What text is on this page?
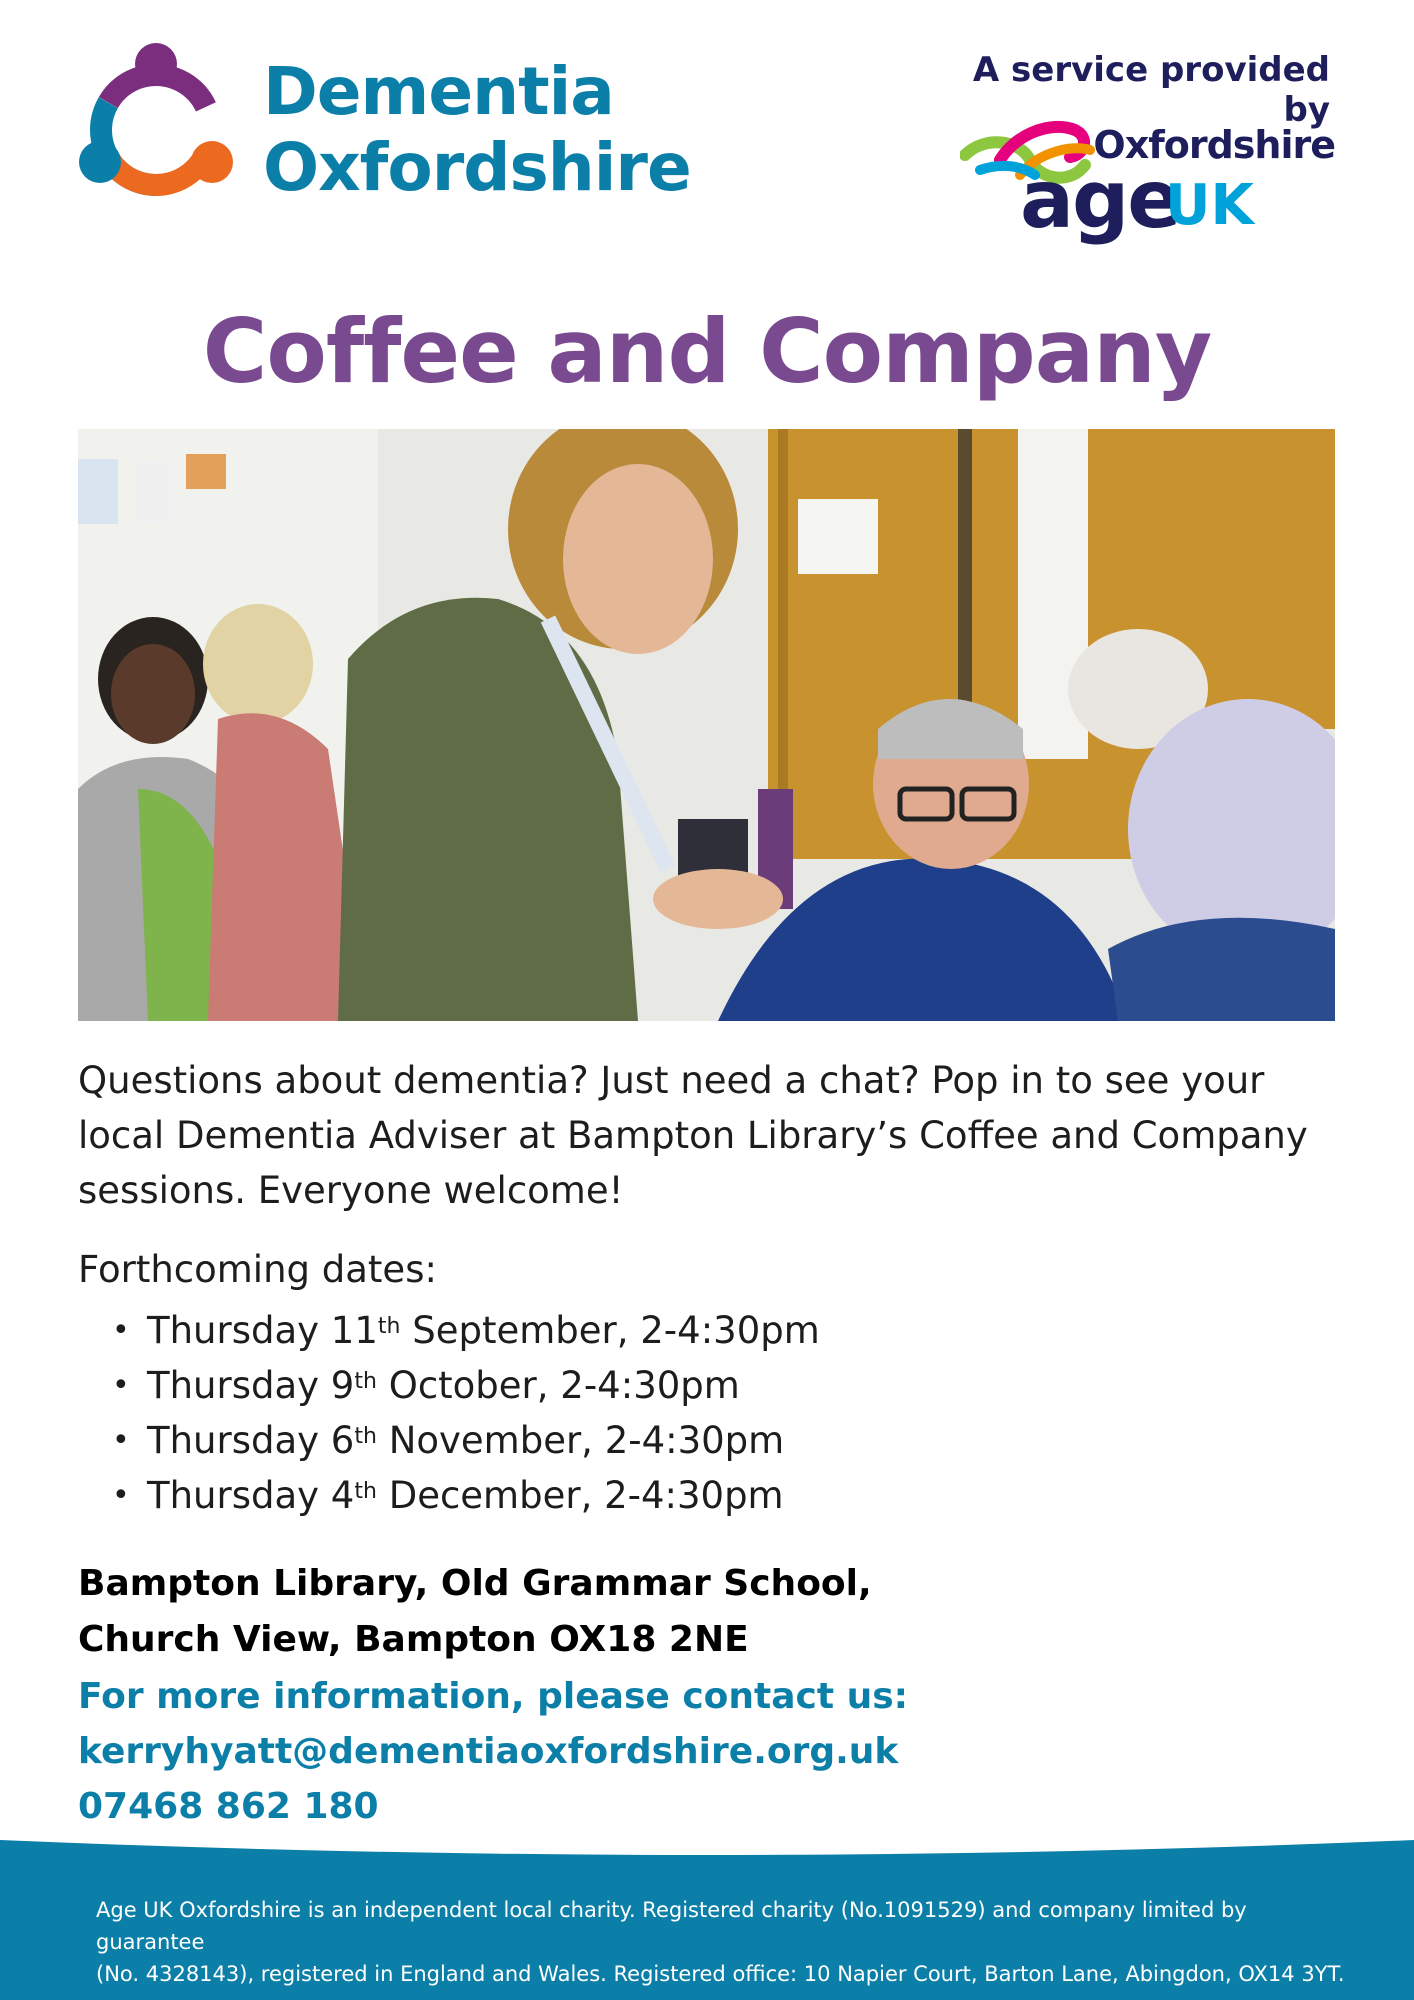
Dementia
Oxfordshire
A service provided by
Oxfordshire
age
UK
Coffee and Company

Questions about dementia? Just need a chat? Pop in to see your local Dementia Adviser at Bampton Library’s Coffee and Company sessions. Everyone welcome!

Forthcoming dates:
• Thursday 11th September, 2-4:30pm
• Thursday 9th October, 2-4:30pm
• Thursday 6th November, 2-4:30pm
• Thursday 4th December, 2-4:30pm
Bampton Library, Old Grammar School,
Church View, Bampton OX18 2NE
For more information, please contact us:
kerryhyatt@dementiaoxfordshire.org.uk
07468 862 180
Age UK Oxfordshire is an independent local charity. Registered charity (No.1091529) and company limited by guarantee
(No. 4328143), registered in England and Wales. Registered office: 10 Napier Court, Barton Lane, Abingdon, OX14 3YT.
